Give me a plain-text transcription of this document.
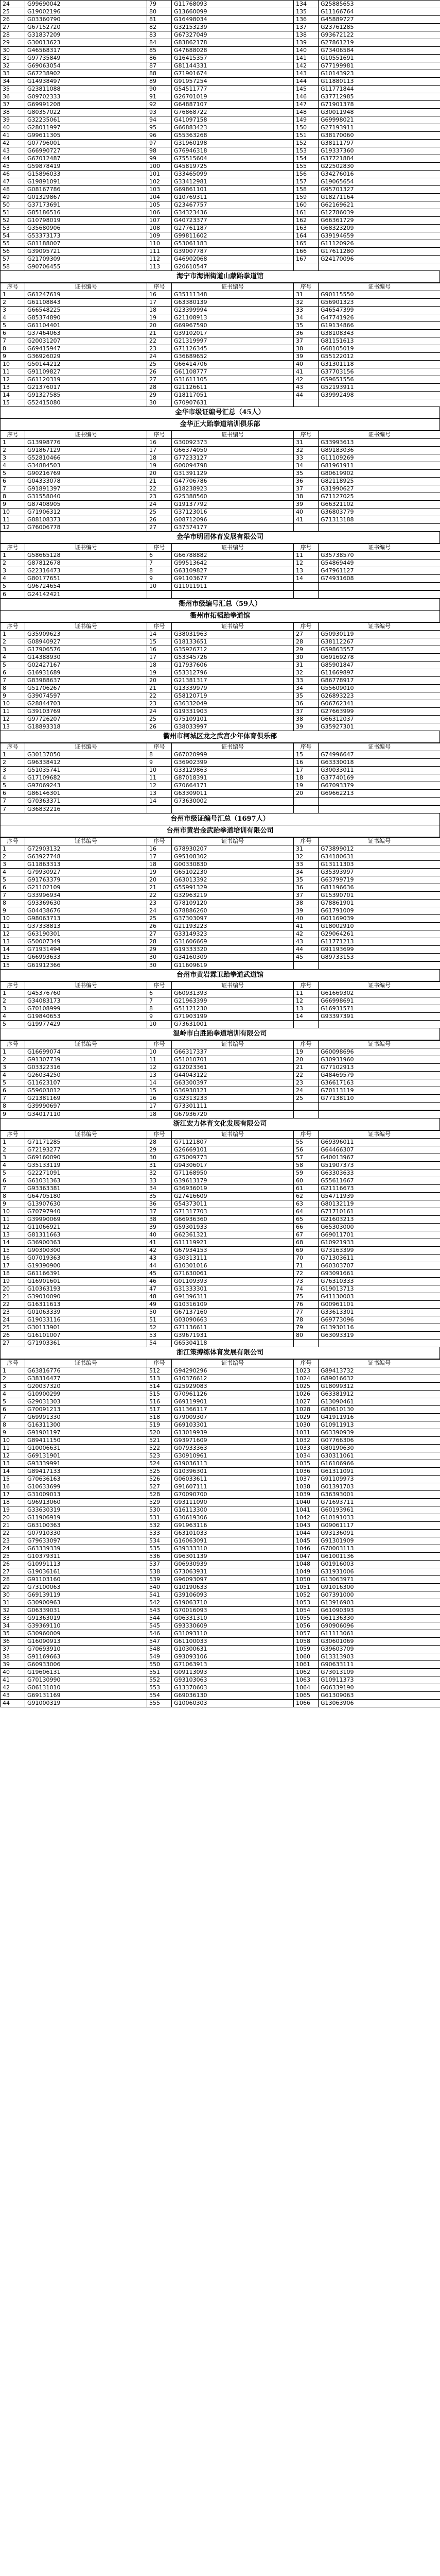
24	G99690042	79	G11768093	134	G25885653
25	G19002196	80	G13660099	135	G11166764
26	G03360790	81	G16498034	136	G45889727
27	G67152720	82	G32153239	137	G23761285
28	G31837209	83	G67327049	138	G93672122
29	G30013623	84	G83862178	139	G27861219
30	G46568317	85	G47688028	140	G73406584
31	G97735849	86	G16415357	141	G10551691
32	G69063054	87	G81144331	142	G77199981
33	G67238902	88	G71901674	143	G10143923
34	G14938497	89	G91957254	144	G11880113
35	G23811088	90	G54511777	145	G11771844
36	G09702333	91	G26701019	146	G37712985
37	G69991208	92	G64887107	147	G71901378
38	G80357022	93	G76868722	148	G30011948
39	G32235061	94	G41097158	149	G69998021
40	G28011997	95	G66883423	150	G27193911
41	G99611305	96	G55363268	151	G38170060
42	G07796001	97	G31960198	152	G38111797
43	G66990727	98	G76946318	153	G19337360
44	G67012487	99	G75515604	154	G37721884
45	G59878419	100	G45819725	155	G22502830
46	G15896033	101	G33465099	156	G34276016
47	G19891091	102	G33412981	157	G19065654
48	G08167786	103	G69861101	158	G95701327
49	G01329867	104	G10769311	159	G18271164
50	G37173691	105	G23467757	160	G62169621
51	G85186516	106	G34323436	161	G12786039
52	G10798019	107	G40723377	162	G66361729
53	G35680906	108	G27761187	163	G68323209
54	G53373173	109	G99811602	164	G39194659
55	G01188007	110	G53061183	165	G11120926
56	G39095721	111	G39007787	166	G17611280
57	G21709309	112	G46902068	167	G24170096
58	G90706455	113	G20610547		
海宁市海洲街道山蒙跆拳道馆
序号	证书编号	序号	证书编号	序号	证书编号
1	G61247619	16	G35111348	31	G90115550
2	G61108843	17	G63380139	32	G56901323
3	G66548225	18	G23399994	33	G46547399
4	G85374890	19	G21108913	34	G47741926
5	G61104401	20	G69967590	35	G19134866
6	G37464063	21	G39102017	36	G38108343
7	G20031207	22	G21319997	37	G81151613
8	G69415947	23	G71126345	38	G68105019
9	G36926029	24	G36689652	39	G55122012
10	G50144212	25	G66414706	40	G31301118
11	G91109827	26	G61108777	41	G37703156
12	G61120319	27	G31611105	42	G59651556
13	G21376017	28	G21126611	43	G52193911
14	G91327585	29	G18117051	44	G39992498
15	G52415080	30	G70907631		
金华市级证编号汇总（45人）
金华正大跆拳道培训俱乐部
序号	证书编号	序号	证书编号	序号	证书编号
1	G13998776	16	G30092373	31	G33993613
2	G91867129	17	G66374050	32	G89183036
3	G52810466	18	G77233127	33	G11109269
4	G34884503	19	G00094798	34	G81961911
5	G90216769	20	G31391129	35	G80619902
6	G04333078	21	G47706786	36	G82118925
7	G91891397	22	G18238923	37	G31990627
8	G31558040	23	G25388560	38	G71127025
9	G87408905	24	G19137792	39	G66321102
10	G71906312	25	G37123016	40	G36803779
11	G88108373	26	G08712096	41	G71313188
12	G76006778	27	G37374177		
金华市明团体育发展有限公司
序号	证书编号	序号	证书编号	序号	证书编号
1	G58665128	6	G66788882	11	G35738570
2	G87812678	7	G99513642	12	G54869449
3	G22316473	8	G63109827	13	G47961127
4	G80177651	9	G91103677	14	G74931608
5	G96724654	10	G11011911		
6	G24142421				
衢州市级编号汇总（59人）
衢州市拓韬跆拳道馆
序号	证书编号	序号	证书编号	序号	证书编号
1	G35909623	14	G38031963	27	G50930119
2	G08940927	15	G18133651	28	G38112267
3	G17906576	16	G35926712	29	G59863557
4	G14388930	17	G53345726	30	G69169278
5	G02427167	18	G17937606	31	G85901847
6	G16931689	19	G53312796	32	G11669897
7	G83988637	20	G21381317	33	G86778917
8	G51706267	21	G13339979	34	G55609010
9	G39074597	22	G58120719	35	G26893223
10	G28844703	23	G36332049	36	G06762341
11	G39103769	24	G19331903	37	G27663999
12	G97726207	25	G75109101	38	G66312037
13	G18893318	26	G38033997	39	G35927301
衢州市柯城区龙之武宫少年体育俱乐部
序号	证书编号	序号	证书编号	序号	证书编号
1	G30137050	8	G67020999	15	G74996647
2	G96338412	9	G36902399	16	G63330018
3	G51035741	10	G33129863	17	G30033011
4	G17109682	11	G87018391	18	G37740169
5	G97069243	12	G70664171	19	G67093379
6	G86146301	13	G63309011	20	G69662213
7	G70363371	14	G73630002		
7	G36832216				
台州市级证编号汇总（1697人）
台州市黄岩金武跆拳道培训有限公司
序号	证书编号	序号	证书编号	序号	证书编号
1	G72903132	16	G78930207	31	G73899012
2	G63927748	17	G95108302	32	G34180631
3	G11863313	18	G00330830	33	G13111303
4	G79930927	19	G65102230	34	G35393997
5	G91763379	20	G63013392	35	G63799719
6	G21102109	21	G55991329	36	G81196636
7	G33996934	22	G32963219	37	G15390701
8	G93369630	23	G78109120	38	G78861901
9	G04438676	24	G78886260	39	G61791009
10	G98063713	25	G37303097	40	G01169039
11	G37338813	26	G21193223	41	G18002910
12	G63190301	27	G33149323	42	G29064261
13	G50007349	28	G31606669	43	G11771213
14	G71931494	29	G19333320	44	G91193699
15	G66993633	30	G34160309	45	G89733153
15	G61912366	30	G11609619		
台州市黄岩霖卫跆拳道武道馆
序号	证书编号	序号	证书编号	序号	证书编号
1	G45376760	6	G60931393	11	G61669302
2	G34083173	7	G21963399	12	G66998691
3	G70108999	8	G51121230	13	G16931571
4	G19840653	9	G71903199	14	G93397391
5	G19977429	10	G73631001		
温岭市白胜跆拳道培训有限公司
序号	证书编号	序号	证书编号	序号	证书编号
1	G16699074	10	G66317337	19	G60098696
2	G91307739	11	G51010701	20	G30931960
3	G03322316	12	G12023361	21	G77102913
4	G26034250	13	G44043122	22	G48469579
5	G11623107	14	G63300397	23	G36617163
6	G59603012	15	G36930121	24	G70113119
7	G21381169	16	G32313233	25	G77138110
8	G39990697	17	G73301111		
9	G34017110	18	G67936720		
浙江宏力体育文化发展有限公司
序号	证书编号	序号	证书编号	序号	证书编号
1	G71171285	28	G71121807	55	G69396011
2	G72193277	29	G26669101	56	G64466307
3	G69160090	30	G75009773	57	G40013967
4	G35133119	31	G94306017	58	G51907373
5	G22271091	32	G71168950	59	G63303633
6	G61031363	33	G39613179	60	G55611667
7	G93363381	34	G36936019	61	G21116673
8	G64705180	35	G27416609	62	G54711939
9	G13907630	36	G54373011	63	G80132119
10	G70797940	37	G71317703	64	G71710161
11	G39990069	38	G66936360	65	G21603213
12	G11066921	39	G59301933	66	G65303000
13	G81311663	40	G62361321	67	G69011701
14	G36900363	41	G11119921	68	G10921933
15	G90300300	42	G67934153	69	G73163399
16	G07019363	43	G30313111	70	G71303611
17	G19390900	44	G10301016	71	G60303707
18	G61166391	45	G71630061	72	G93091661
19	G16901601	46	G01109393	73	G76310333
20	G10363193	47	G31333301	74	G19013713
21	G39010090	48	G91396311	75	G41130003
22	G16311613	49	G10316109	76	G00961101
23	G01063339	50	G67137160	77	G33613301
24	G19033116	51	G03090663	78	G69773096
25	G30113901	52	G71136611	79	G13930116
26	G16101007	53	G39671931	80	G63093319
27	G71903361	54	G65304118		
浙江策搏练体育发展有限公司
序号	证书编号	序号	证书编号	序号	证书编号
1	G63816776	512	G94290296	1023	G89413732
2	G38316477	513	G10376612	1024	G89016632
3	G20037320	514	G25929083	1025	G18099312
4	G10900299	515	G70961126	1026	G63381912
5	G29031303	516	G69119901	1027	G13090461
6	G70091213	517	G11366117	1028	G80610130
7	G69991330	518	G79009307	1029	G41911916
8	G16311300	519	G69103301	1030	G10911913
9	G91901197	520	G13019939	1031	G63390939
10	G89411150	521	G93971609	1032	G07766306
11	G10006631	522	G07933363	1033	G80190630
12	G69131901	523	G30910961	1034	G30311061
13	G93339991	524	G19036113	1035	G16106966
14	G89417133	525	G10396301	1036	G61311091
15	G70636163	526	G06033611	1037	G91109973
16	G10633699	527	G91607111	1038	G01391703
17	G31009013	528	G70090700	1039	G36393001
18	G96913060	529	G93111090	1040	G71693711
19	G33630319	530	G16113300	1041	G60193961
20	G11906919	531	G30619306	1042	G10191033
21	G63100363	532	G91963116	1043	G09061117
22	G07910330	533	G63101033	1044	G93136091
23	G79633097	534	G16063091	1045	G91301909
24	G63339339	535	G39333310	1046	G70003113
25	G10379311	536	G96301139	1047	G61001136
26	G10991113	537	G06930939	1048	G01916003
27	G19036161	538	G73063931	1049	G31931006
28	G91103160	539	G96093097	1050	G13063971
29	G73100063	540	G10190633	1051	G91016300
30	G69139119	541	G39106093	1052	G07391000
31	G30900963	542	G19063710	1053	G13916903
32	G06339031	543	G70016093	1054	G61090393
33	G91363019	544	G06331310	1055	G61136330
34	G39369110	545	G93330609	1056	G90906096
35	G30960009	546	G31093110	1057	G11113061
36	G16090913	547	G61100033	1058	G30601069
37	G70693910	548	G10300631	1059	G39603709
38	G91169663	549	G93093106	1060	G13313903
39	G60933006	550	G71063913	1061	G90633111
40	G19606131	551	G09113093	1062	G73013109
41	G70130990	552	G93103063	1063	G10911373
42	G06131010	553	G13370603	1064	G06339190
43	G69131169	554	G69036130	1065	G61309063
44	G91000319	555	G10060303	1066	G13063906
